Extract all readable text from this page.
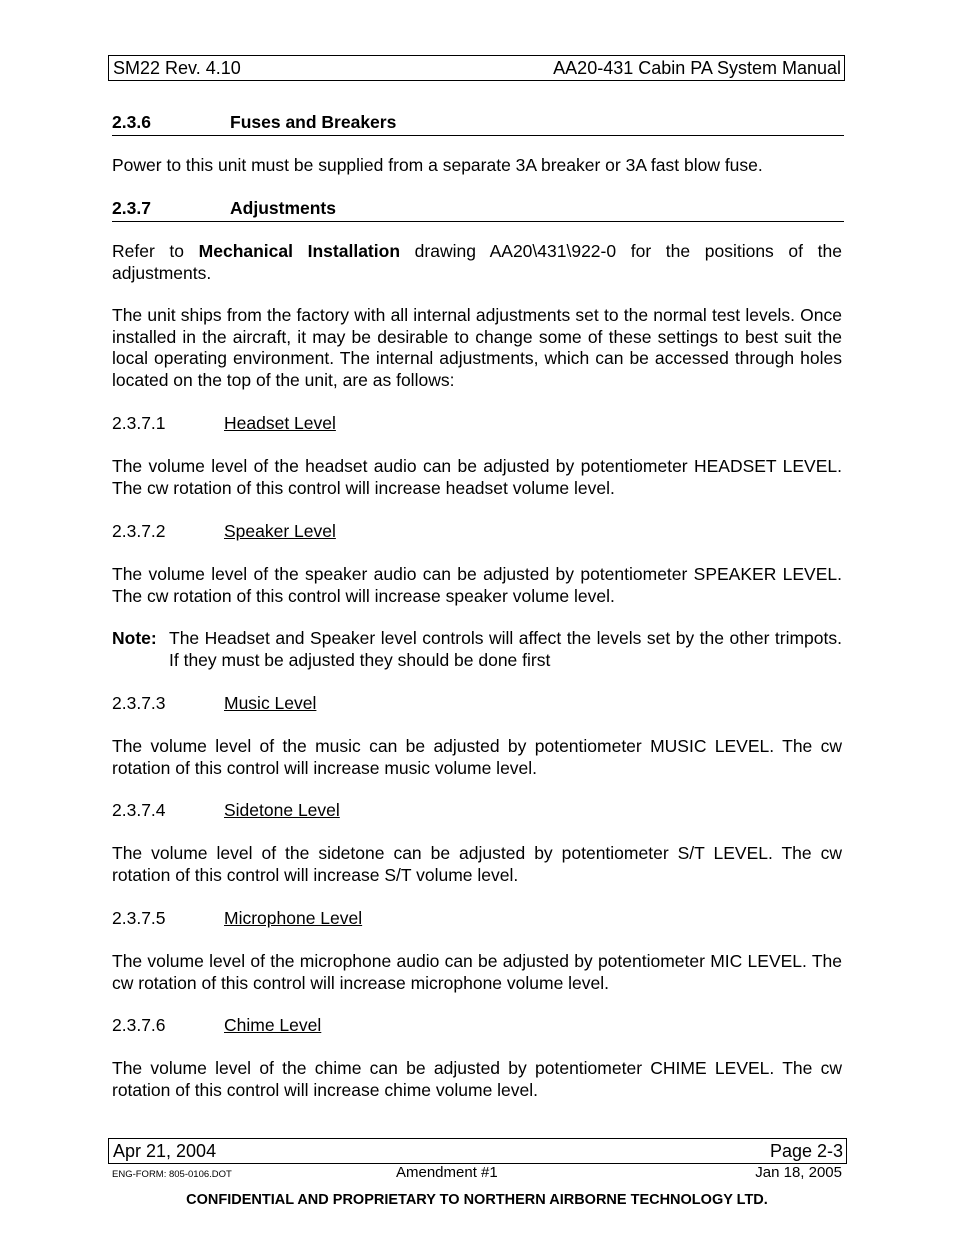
SM22 Rev. 4.10	AA20-431 Cabin PA System Manual
2.3.6	Fuses and Breakers

Power to this unit must be supplied from a separate 3A breaker or 3A fast blow fuse.

2.3.7	Adjustments

Refer to Mechanical Installation drawing AA20\431\922-0 for the positions of the adjustments.

The unit ships from the factory with all internal adjustments set to the normal test levels. Once installed in the aircraft, it may be desirable to change some of these settings to best suit the local operating environment. The internal adjustments, which can be accessed through holes located on the top of the unit, are as follows:

2.3.7.1	Headset Level

The volume level of the headset audio can be adjusted by potentiometer HEADSET LEVEL. The cw rotation of this control will increase headset volume level.

2.3.7.2	Speaker Level

The volume level of the speaker audio can be adjusted by potentiometer SPEAKER LEVEL. The cw rotation of this control will increase speaker volume level.

Note: The Headset and Speaker level controls will affect the levels set by the other trimpots. If they must be adjusted they should be done first

2.3.7.3	Music Level

The volume level of the music can be adjusted by potentiometer MUSIC LEVEL. The cw rotation of this control will increase music volume level.

2.3.7.4	Sidetone Level

The volume level of the sidetone can be adjusted by potentiometer S/T LEVEL. The cw rotation of this control will increase S/T volume level.

2.3.7.5	Microphone Level

The volume level of the microphone audio can be adjusted by potentiometer MIC LEVEL. The cw rotation of this control will increase microphone volume level.

2.3.7.6	Chime Level

The volume level of the chime can be adjusted by potentiometer CHIME LEVEL. The cw rotation of this control will increase chime volume level.

Apr 21, 2004	Page 2-3
ENG-FORM: 805-0106.DOT	Amendment #1	Jan 18, 2005
CONFIDENTIAL AND PROPRIETARY TO NORTHERN AIRBORNE TECHNOLOGY LTD.
